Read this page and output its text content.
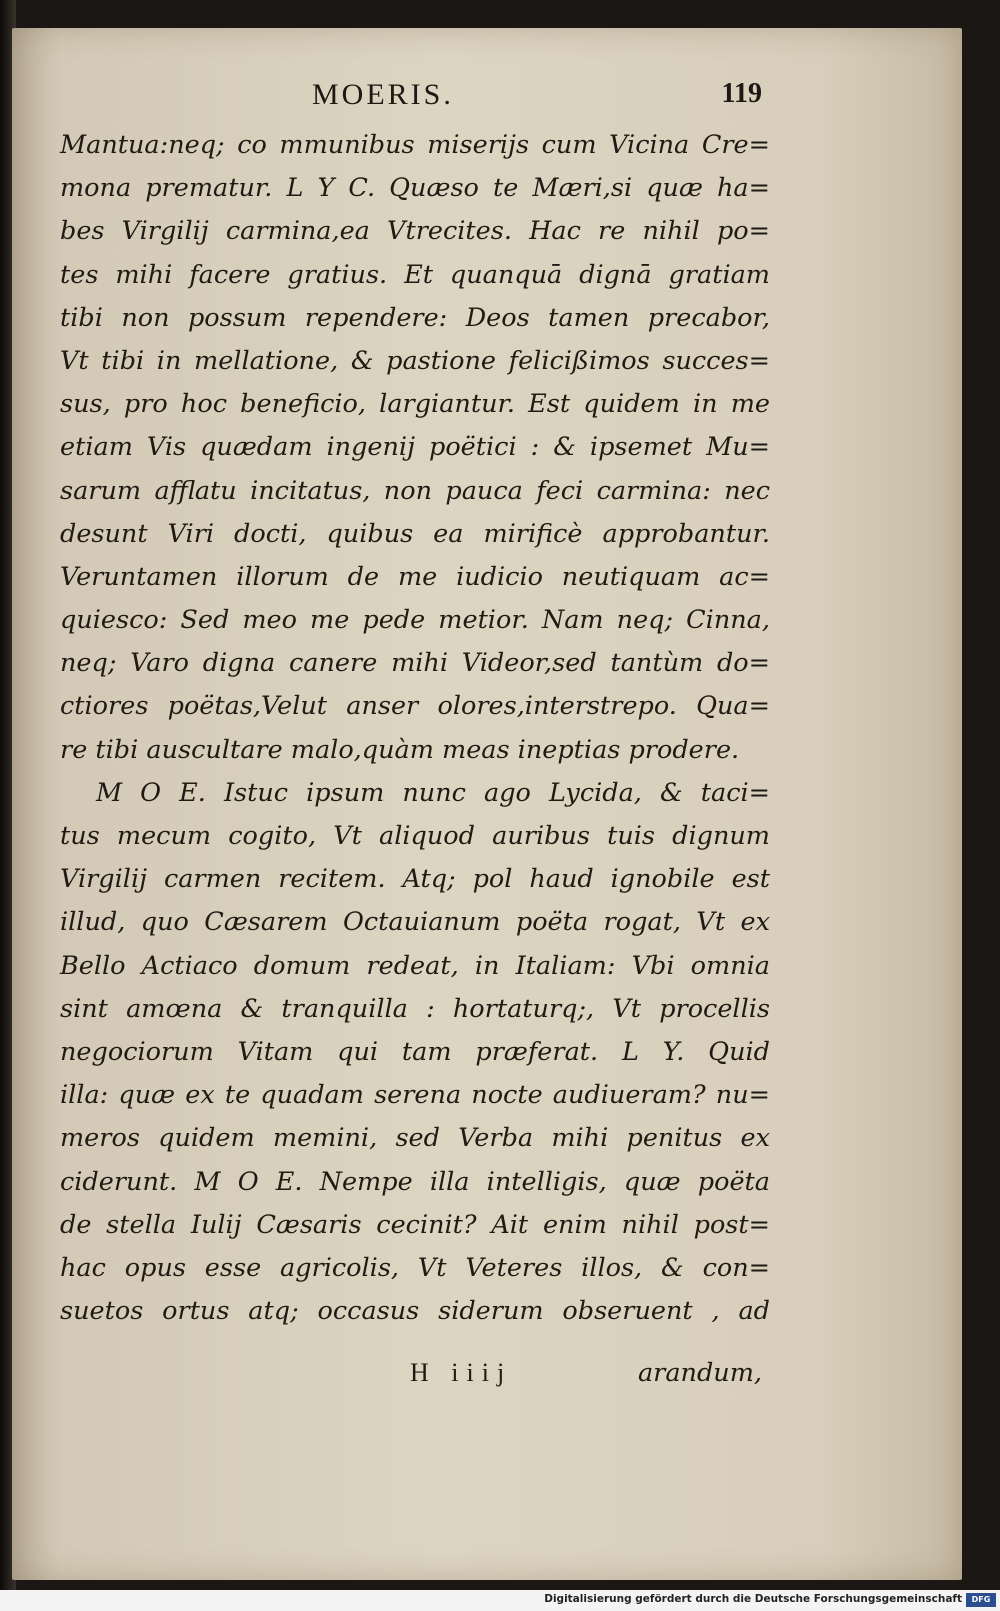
MOERIS.	119
Mantua:neq; co mmunibus miserijs cum Vicina Cre=
mona prematur. L Y C. Quæso te Mæri,si quæ ha=
bes Virgilij carmina,ea Vtrecites. Hac re nihil po=
tes mihi facere gratius. Et quanquā dignā gratiam
tibi non possum rependere: Deos tamen precabor,
Vt tibi in mellatione, & pastione felicißimos succes=
sus, pro hoc beneficio, largiantur. Est quidem in me
etiam Vis quædam ingenij poëtici : & ipsemet Mu=
sarum afflatu incitatus, non pauca feci carmina: nec
desunt Viri docti, quibus ea mirificè approbantur.
Veruntamen illorum de me iudicio neutiquam ac=
quiesco: Sed meo me pede metior. Nam neq; Cinna,
neq; Varo digna canere mihi Videor,sed tantùm do=
ctiores poëtas,Velut anser olores,interstrepo. Qua=
re tibi auscultare malo,quàm meas ineptias prodere.
M O E. Istuc ipsum nunc ago Lycida, & taci=
tus mecum cogito, Vt aliquod auribus tuis dignum
Virgilij carmen recitem. Atq; pol haud ignobile est
illud, quo Cæsarem Octauianum poëta rogat, Vt ex
Bello Actiaco domum redeat, in Italiam: Vbi omnia
sint amœna & tranquilla : hortaturq;, Vt procellis
negociorum Vitam qui tam præferat. L Y. Quid
illa: quæ ex te quadam serena nocte audiueram? nu=
meros quidem memini, sed Verba mihi penitus ex
ciderunt. M O E. Nempe illa intelligis, quæ poëta
de stella Iulij Cæsaris cecinit? Ait enim nihil post=
hac opus esse agricolis, Vt Veteres illos, & con=
suetos ortus atq; occasus siderum obseruent , ad
H iiij	arandum,
Digitalisierung gefördert durch die Deutsche Forschungsgemeinschaft	DFG
